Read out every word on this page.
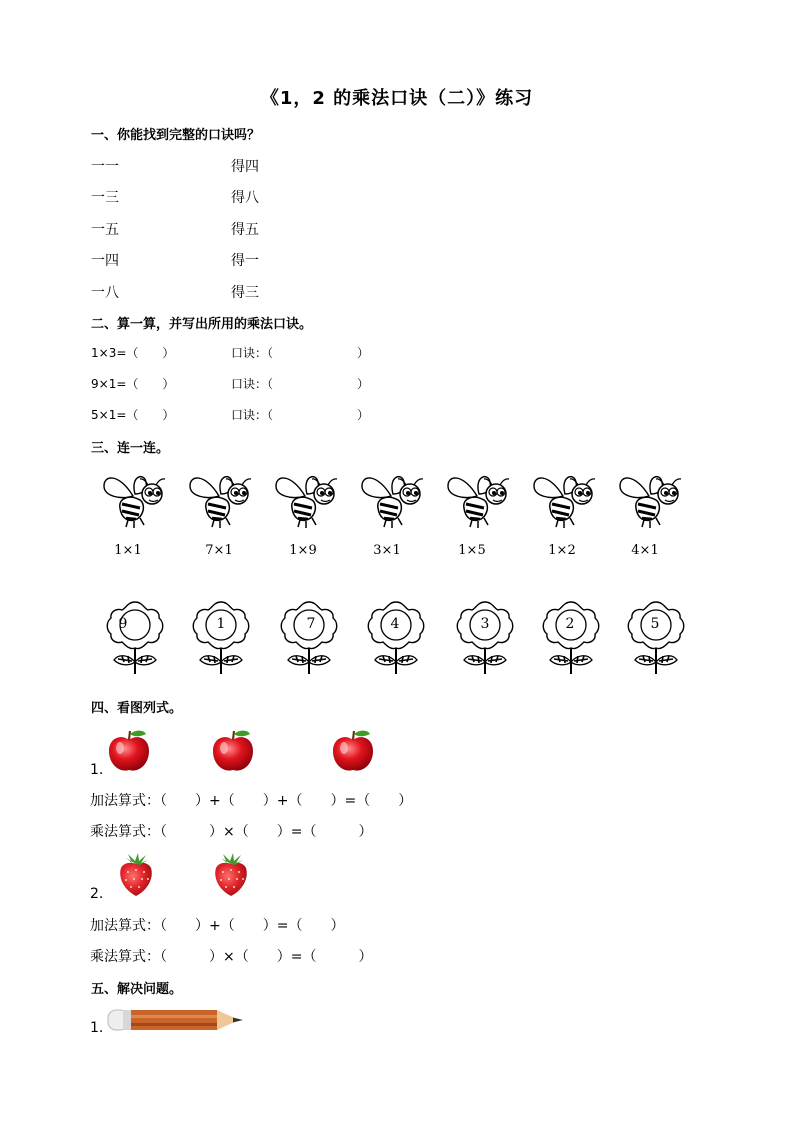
《1，2 的乘法口诀（二）》练习
一、你能找到完整的口诀吗？
一一	得四
一三	得八
一五	得五
一四	得一
一八	得三
二、算一算，并写出所用的乘法口诀。
1×3=（　　）	口诀：（　　　　　　　）
9×1=（　　）	口诀：（　　　　　　　）
5×1=（　　）	口诀：（　　　　　　　）
三、连一连。
1×1	7×1	1×9	3×1	1×5	1×2	4×1
9	1	7	4	3	2	5
四、看图列式。
1.
加法算式：（　　）+（　　）+（　　）=（　　）
乘法算式：（　　　）×（　　）=（　　　）
2.
加法算式：（　　）+（　　）=（　　）
乘法算式：（　　　）×（　　）=（　　　）
五、解决问题。
1.
